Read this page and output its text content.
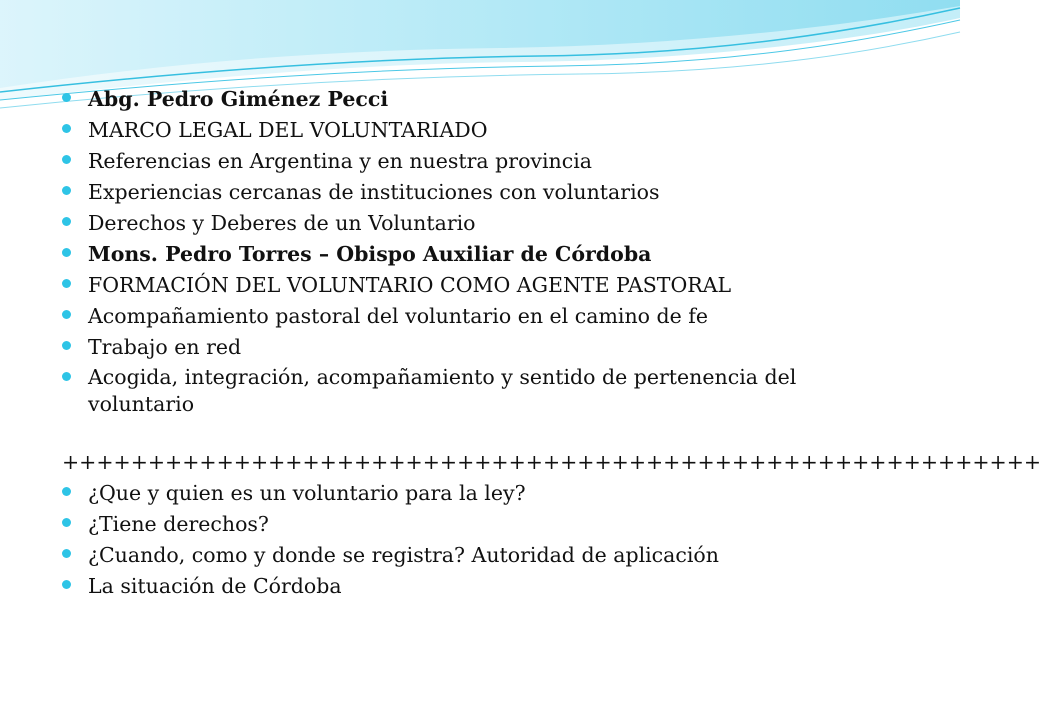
Abg. Pedro Giménez Pecci
MARCO LEGAL DEL VOLUNTARIADO
Referencias en Argentina y en nuestra provincia
Experiencias cercanas de instituciones con voluntarios
Derechos y Deberes de un Voluntario
Mons. Pedro Torres – Obispo Auxiliar de Córdoba
FORMACIÓN DEL VOLUNTARIO COMO AGENTE PASTORAL
Acompañamiento pastoral del voluntario en el camino de fe
Trabajo en red
Acogida, integración, acompañamiento y sentido de pertenencia del voluntario
+++++++++++++++++++++++++++++++++++++++++++++++++++++++++
¿Que y quien es un voluntario para la ley?
¿Tiene derechos?
¿Cuando, como y donde se registra? Autoridad de aplicación
La situación de Córdoba
